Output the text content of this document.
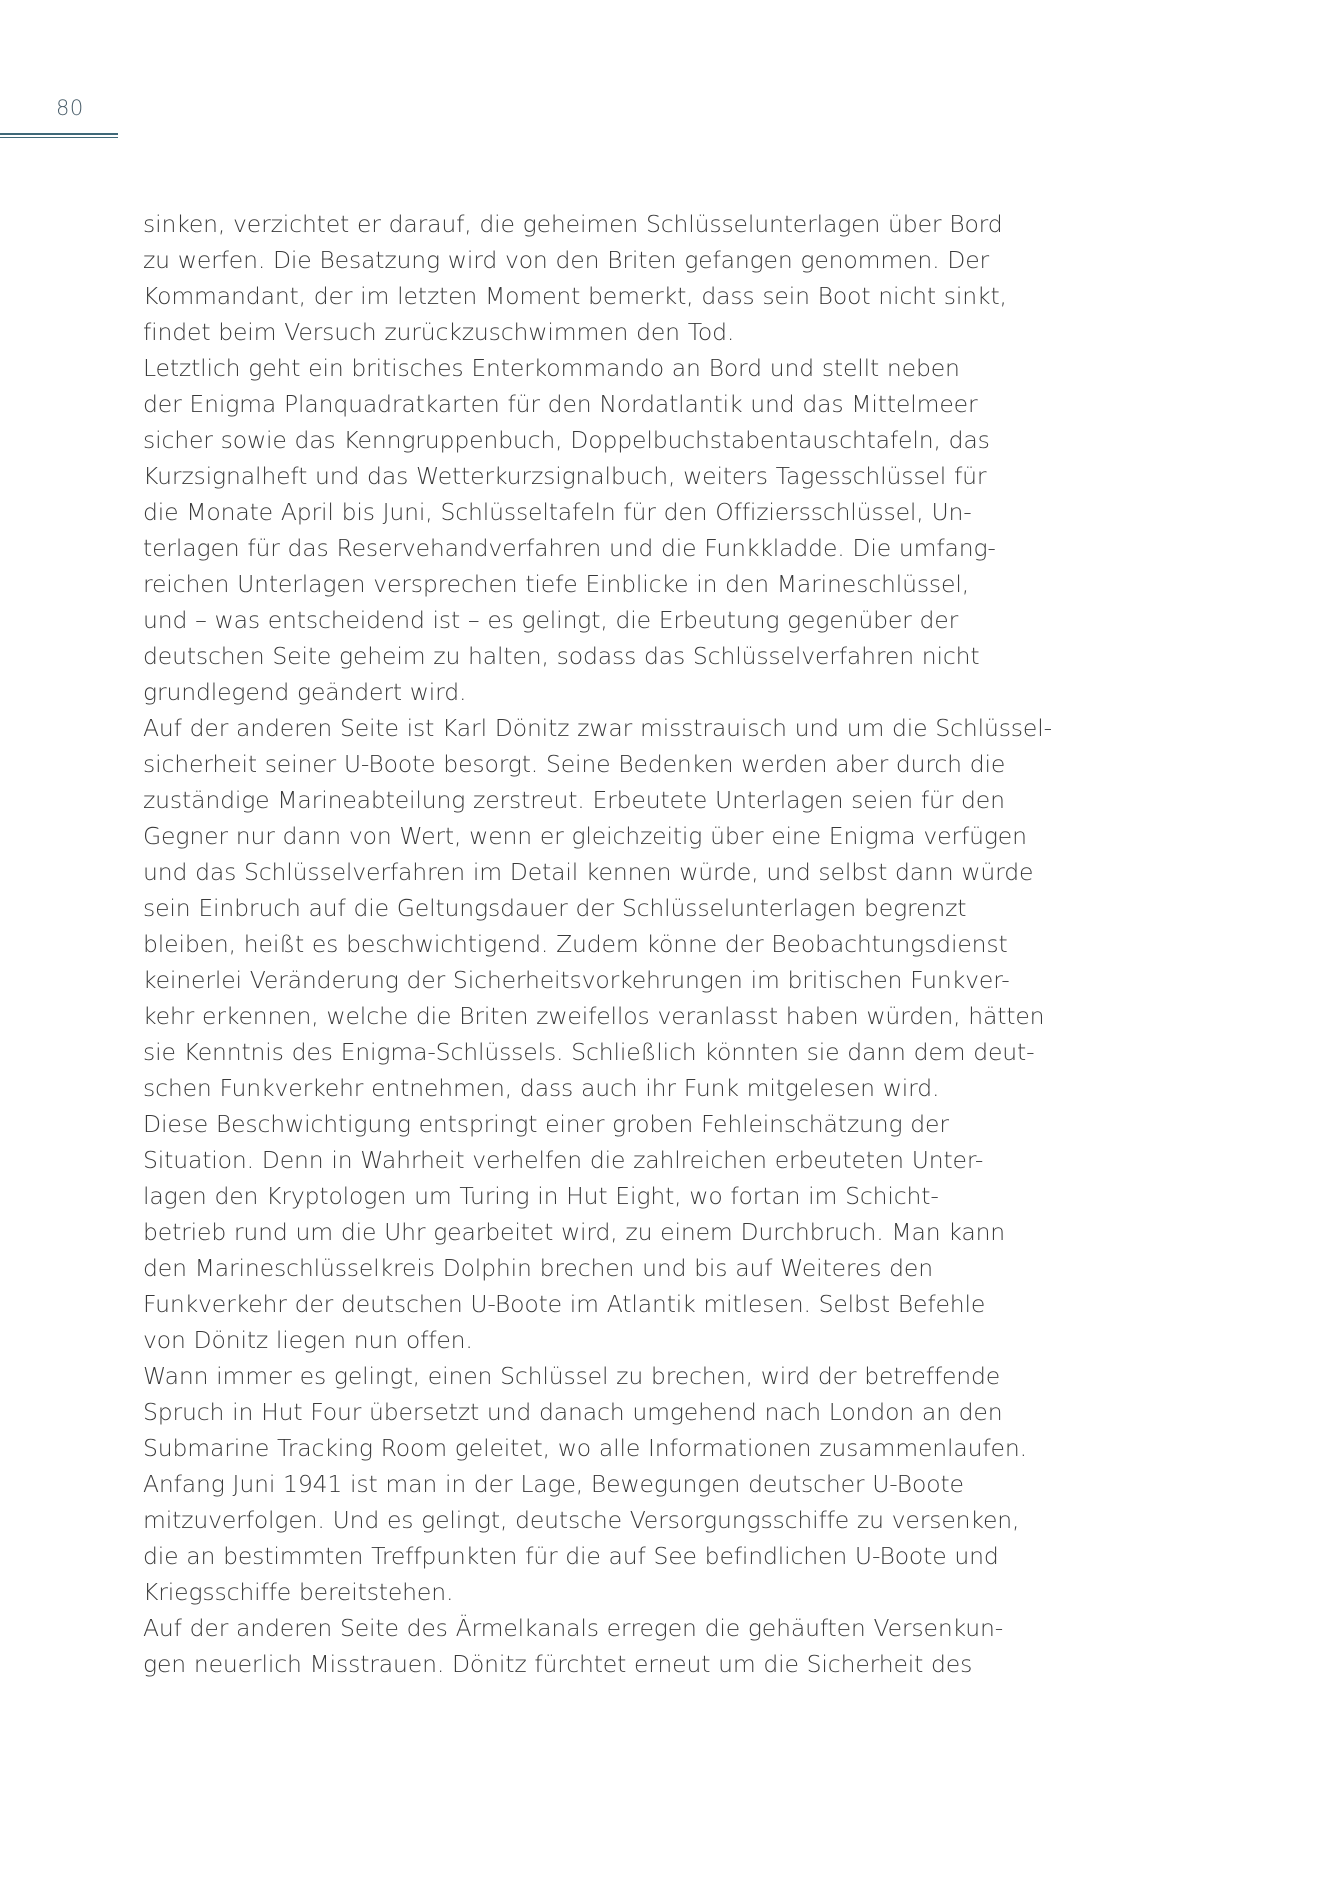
80
sinken, verzichtet er darauf, die geheimen Schlüsselunterlagen über Bord
zu werfen. Die Besatzung wird von den Briten gefangen genommen. Der
Kommandant, der im letzten Moment bemerkt, dass sein Boot nicht sinkt,
findet beim Versuch zurückzuschwimmen den Tod.
Letztlich geht ein britisches Enterkommando an Bord und stellt neben
der Enigma Planquadratkarten für den Nordatlantik und das Mittelmeer
sicher sowie das Kenngruppenbuch, Doppelbuchstabentauschtafeln, das
Kurzsignalheft und das Wetterkurzsignalbuch, weiters Tagesschlüssel für
die Monate April bis Juni, Schlüsseltafeln für den Offiziersschlüssel, Un-
terlagen für das Reservehandverfahren und die Funkkladde. Die umfang-
reichen Unterlagen versprechen tiefe Einblicke in den Marineschlüssel,
und – was entscheidend ist – es gelingt, die Erbeutung gegenüber der
deutschen Seite geheim zu halten, sodass das Schlüsselverfahren nicht
grundlegend geändert wird.
Auf der anderen Seite ist Karl Dönitz zwar misstrauisch und um die Schlüssel-
sicherheit seiner U-Boote besorgt. Seine Bedenken werden aber durch die
zuständige Marineabteilung zerstreut. Erbeutete Unterlagen seien für den
Gegner nur dann von Wert, wenn er gleichzeitig über eine Enigma verfügen
und das Schlüsselverfahren im Detail kennen würde, und selbst dann würde
sein Einbruch auf die Geltungsdauer der Schlüsselunterlagen begrenzt
bleiben, heißt es beschwichtigend. Zudem könne der Beobachtungsdienst
keinerlei Veränderung der Sicherheitsvorkehrungen im britischen Funkver-
kehr erkennen, welche die Briten zweifellos veranlasst haben würden, hätten
sie Kenntnis des Enigma-Schlüssels. Schließlich könnten sie dann dem deut-
schen Funkverkehr entnehmen, dass auch ihr Funk mitgelesen wird.
Diese Beschwichtigung entspringt einer groben Fehleinschätzung der
Situation. Denn in Wahrheit verhelfen die zahlreichen erbeuteten Unter-
lagen den Kryptologen um Turing in Hut Eight, wo fortan im Schicht-
betrieb rund um die Uhr gearbeitet wird, zu einem Durchbruch. Man kann
den Marineschlüsselkreis Dolphin brechen und bis auf Weiteres den
Funkverkehr der deutschen U-Boote im Atlantik mitlesen. Selbst Befehle
von Dönitz liegen nun offen.
Wann immer es gelingt, einen Schlüssel zu brechen, wird der betreffende
Spruch in Hut Four übersetzt und danach umgehend nach London an den
Submarine Tracking Room geleitet, wo alle Informationen zusammenlaufen.
Anfang Juni 1941 ist man in der Lage, Bewegungen deutscher U-Boote
mitzuverfolgen. Und es gelingt, deutsche Versorgungsschiffe zu versenken,
die an bestimmten Treffpunkten für die auf See befindlichen U-Boote und
Kriegsschiffe bereitstehen.
Auf der anderen Seite des Ärmelkanals erregen die gehäuften Versenkun-
gen neuerlich Misstrauen. Dönitz fürchtet erneut um die Sicherheit des
